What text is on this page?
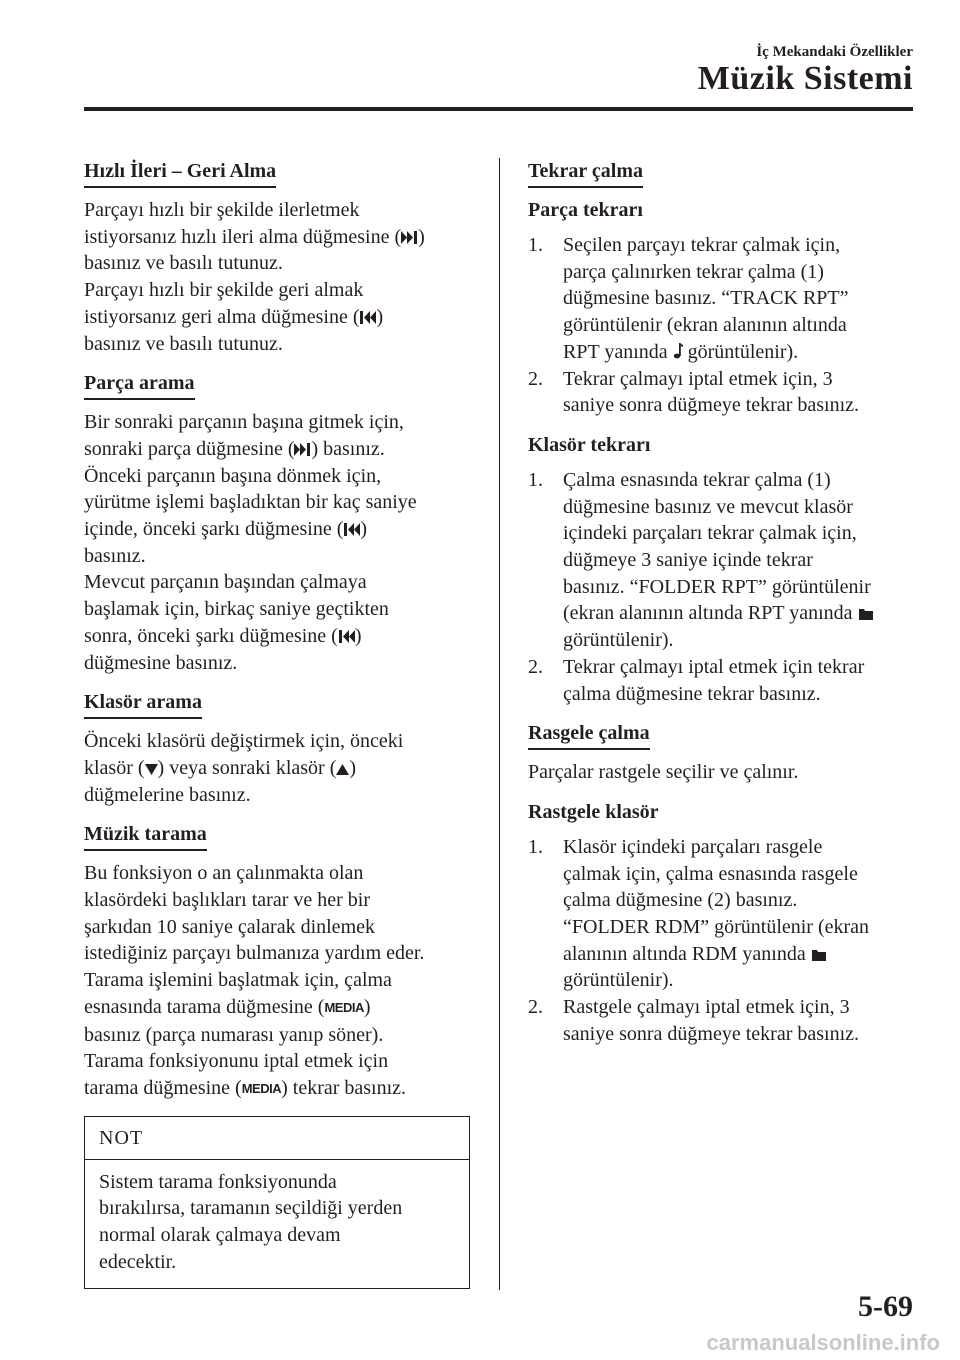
İç Mekandaki Özellikler
Müzik Sistemi
Hızlı İleri – Geri Alma

Parçayı hızlı bir şekilde ilerletmek
istiyorsanız hızlı ileri alma düğmesine ( )
basınız ve basılı tutunuz.
Parçayı hızlı bir şekilde geri almak
istiyorsanız geri alma düğmesine ( )
basınız ve basılı tutunuz.

Parça arama

Bir sonraki parçanın başına gitmek için,
sonraki parça düğmesine ( ) basınız.
Önceki parçanın başına dönmek için,
yürütme işlemi başladıktan bir kaç saniye
içinde, önceki şarkı düğmesine ( )
basınız.
Mevcut parçanın başından çalmaya
başlamak için, birkaç saniye geçtikten
sonra, önceki şarkı düğmesine ( )
düğmesine basınız.

Klasör arama

Önceki klasörü değiştirmek için, önceki
klasör ( ) veya sonraki klasör ( )
düğmelerine basınız.

Müzik tarama

Bu fonksiyon o an çalınmakta olan
klasördeki başlıkları tarar ve her bir
şarkıdan 10 saniye çalarak dinlemek
istediğiniz parçayı bulmanıza yardım eder.
Tarama işlemini başlatmak için, çalma
esnasında tarama düğmesine (MEDIA)
basınız (parça numarası yanıp söner).
Tarama fonksiyonunu iptal etmek için
tarama düğmesine (MEDIA) tekrar basınız.

NOT
Sistem tarama fonksiyonunda
bırakılırsa, taramanın seçildiği yerden
normal olarak çalmaya devam
edecektir.
Tekrar çalma
Parça tekrarı
1. Seçilen parçayı tekrar çalmak için,
parça çalınırken tekrar çalma (1)
düğmesine basınız. “TRACK RPT”
görüntülenir (ekran alanının altında
RPT yanında  görüntülenir).
2. Tekrar çalmayı iptal etmek için, 3
saniye sonra düğmeye tekrar basınız.
Klasör tekrarı
1. Çalma esnasında tekrar çalma (1)
düğmesine basınız ve mevcut klasör
içindeki parçaları tekrar çalmak için,
düğmeye 3 saniye içinde tekrar
basınız. “FOLDER RPT” görüntülenir
(ekran alanının altında RPT yanında
görüntülenir).
2. Tekrar çalmayı iptal etmek için tekrar
çalma düğmesine tekrar basınız.
Rasgele çalma

Parçalar rastgele seçilir ve çalınır.

Rastgele klasör
1. Klasör içindeki parçaları rasgele
çalmak için, çalma esnasında rasgele
çalma düğmesine (2) basınız.
“FOLDER RDM” görüntülenir (ekran
alanının altında RDM yanında
görüntülenir).
2. Rastgele çalmayı iptal etmek için, 3
saniye sonra düğmeye tekrar basınız.
5-69
carmanualsonline.info
